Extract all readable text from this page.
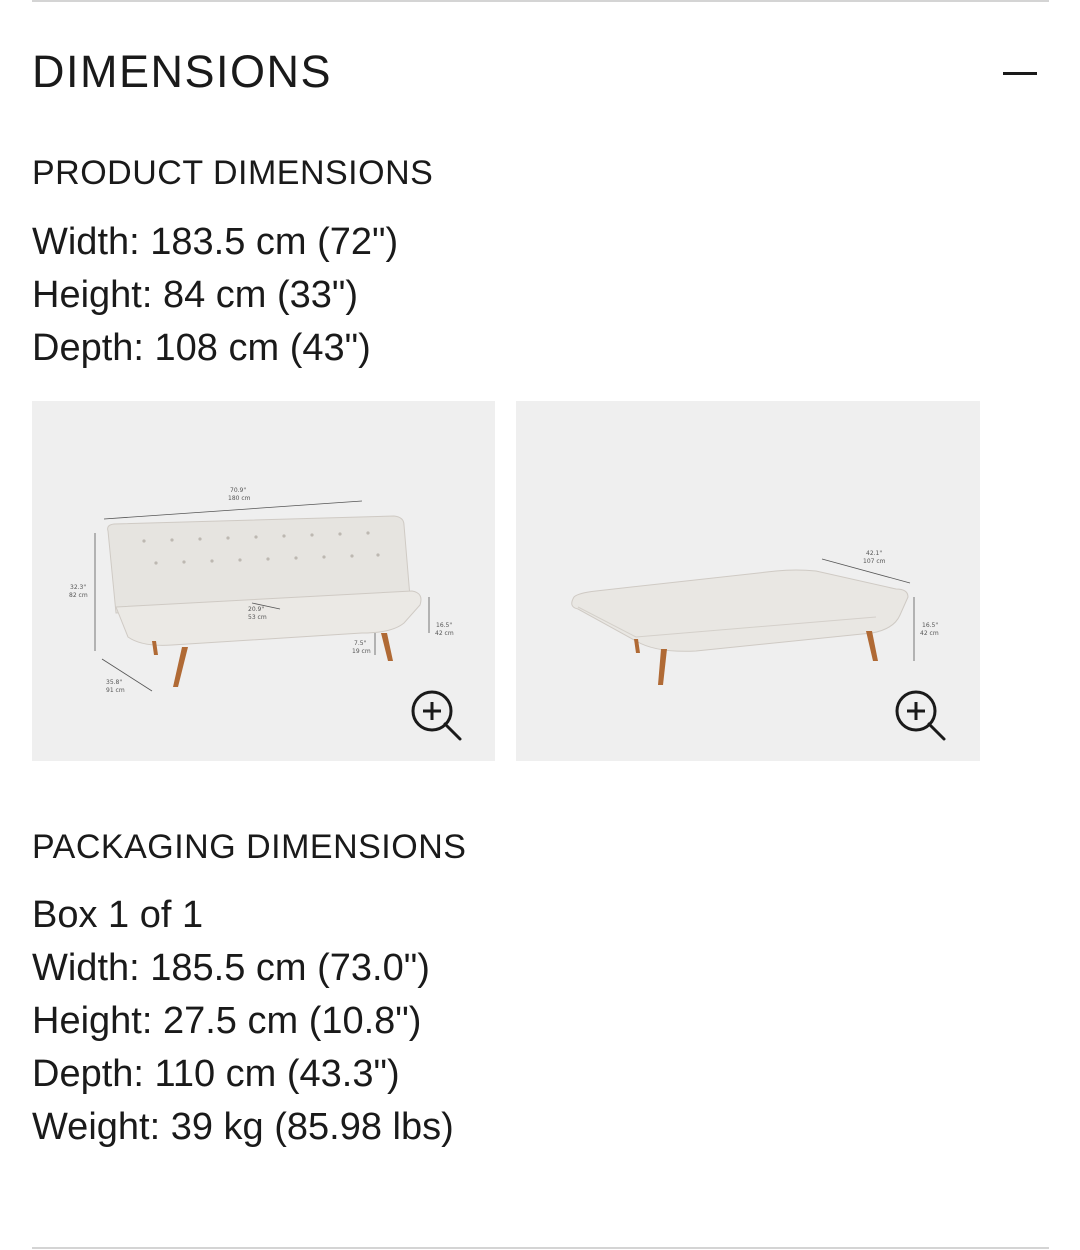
DIMENSIONS
PRODUCT DIMENSIONS
Width: 183.5 cm (72")
Height: 84 cm (33")
Depth: 108 cm (43")
70.9"
180 cm
32.3"
82 cm
20.9"
53 cm
7.5"
19 cm
16.5"
42 cm
35.8"
91 cm
42.1"
107 cm
16.5"
42 cm
PACKAGING DIMENSIONS
Box 1 of 1
Width: 185.5 cm (73.0")
Height: 27.5 cm (10.8")
Depth: 110 cm (43.3")
Weight: 39 kg (85.98 lbs)
